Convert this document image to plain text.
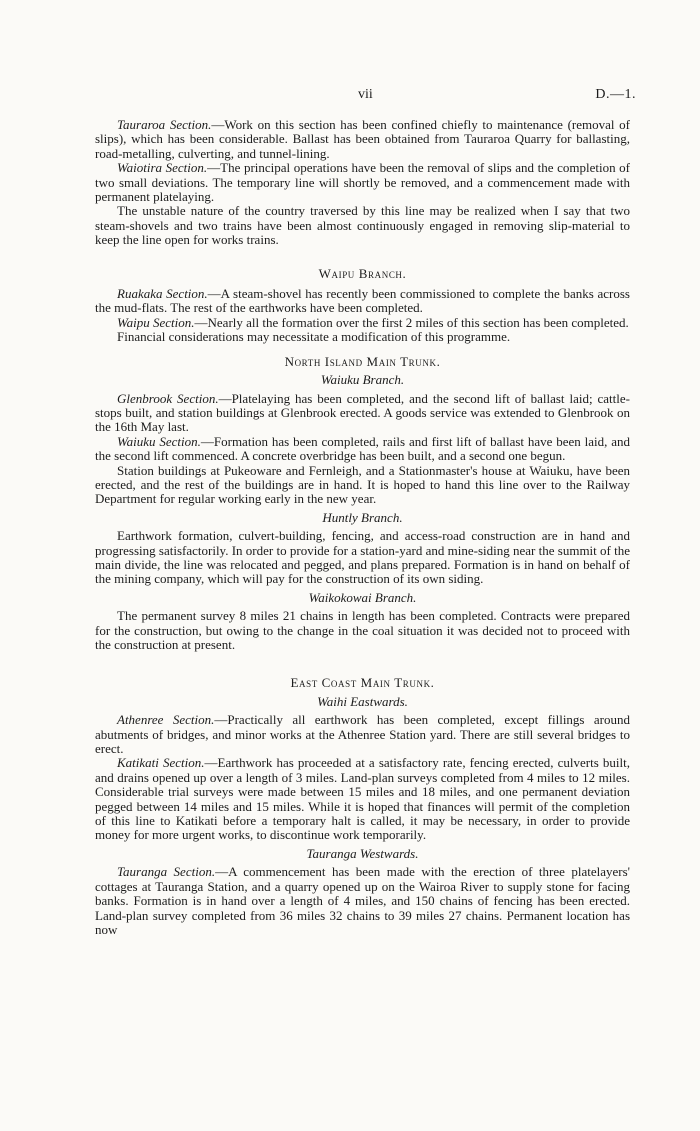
vii	D.—1.

Tauraroa Section.—Work on this section has been confined chiefly to maintenance (removal of slips), which has been considerable. Ballast has been obtained from Tauraroa Quarry for ballasting, road-metalling, culverting, and tunnel-lining.

Waiotira Section.—The principal operations have been the removal of slips and the completion of two small deviations. The temporary line will shortly be removed, and a commencement made with permanent platelaying.

The unstable nature of the country traversed by this line may be realized when I say that two steam-shovels and two trains have been almost continuously engaged in removing slip-material to keep the line open for works trains.

Waipu Branch.

Ruakaka Section.—A steam-shovel has recently been commissioned to complete the banks across the mud-flats. The rest of the earthworks have been completed.

Waipu Section.—Nearly all the formation over the first 2 miles of this section has been completed.

Financial considerations may necessitate a modification of this programme.

North Island Main Trunk.
Waiuku Branch.

Glenbrook Section.—Platelaying has been completed, and the second lift of ballast laid; cattle-stops built, and station buildings at Glenbrook erected. A goods service was extended to Glenbrook on the 16th May last.

Waiuku Section.—Formation has been completed, rails and first lift of ballast have been laid, and the second lift commenced. A concrete overbridge has been built, and a second one begun.

Station buildings at Pukeoware and Fernleigh, and a Stationmaster's house at Waiuku, have been erected, and the rest of the buildings are in hand. It is hoped to hand this line over to the Railway Department for regular working early in the new year.

Huntly Branch.

Earthwork formation, culvert-building, fencing, and access-road construction are in hand and progressing satisfactorily. In order to provide for a station-yard and mine-siding near the summit of the main divide, the line was relocated and pegged, and plans prepared. Formation is in hand on behalf of the mining company, which will pay for the construction of its own siding.

Waikokowai Branch.

The permanent survey 8 miles 21 chains in length has been completed. Contracts were prepared for the construction, but owing to the change in the coal situation it was decided not to proceed with the construction at present.

East Coast Main Trunk.
Waihi Eastwards.

Athenree Section.—Practically all earthwork has been completed, except fillings around abutments of bridges, and minor works at the Athenree Station yard. There are still several bridges to erect.

Katikati Section.—Earthwork has proceeded at a satisfactory rate, fencing erected, culverts built, and drains opened up over a length of 3 miles. Land-plan surveys completed from 4 miles to 12 miles. Considerable trial surveys were made between 15 miles and 18 miles, and one permanent deviation pegged between 14 miles and 15 miles. While it is hoped that finances will permit of the completion of this line to Katikati before a temporary halt is called, it may be necessary, in order to provide money for more urgent works, to discontinue work temporarily.

Tauranga Westwards.

Tauranga Section.—A commencement has been made with the erection of three platelayers' cottages at Tauranga Station, and a quarry opened up on the Wairoa River to supply stone for facing banks. Formation is in hand over a length of 4 miles, and 150 chains of fencing has been erected. Land-plan survey completed from 36 miles 32 chains to 39 miles 27 chains. Permanent location has now
